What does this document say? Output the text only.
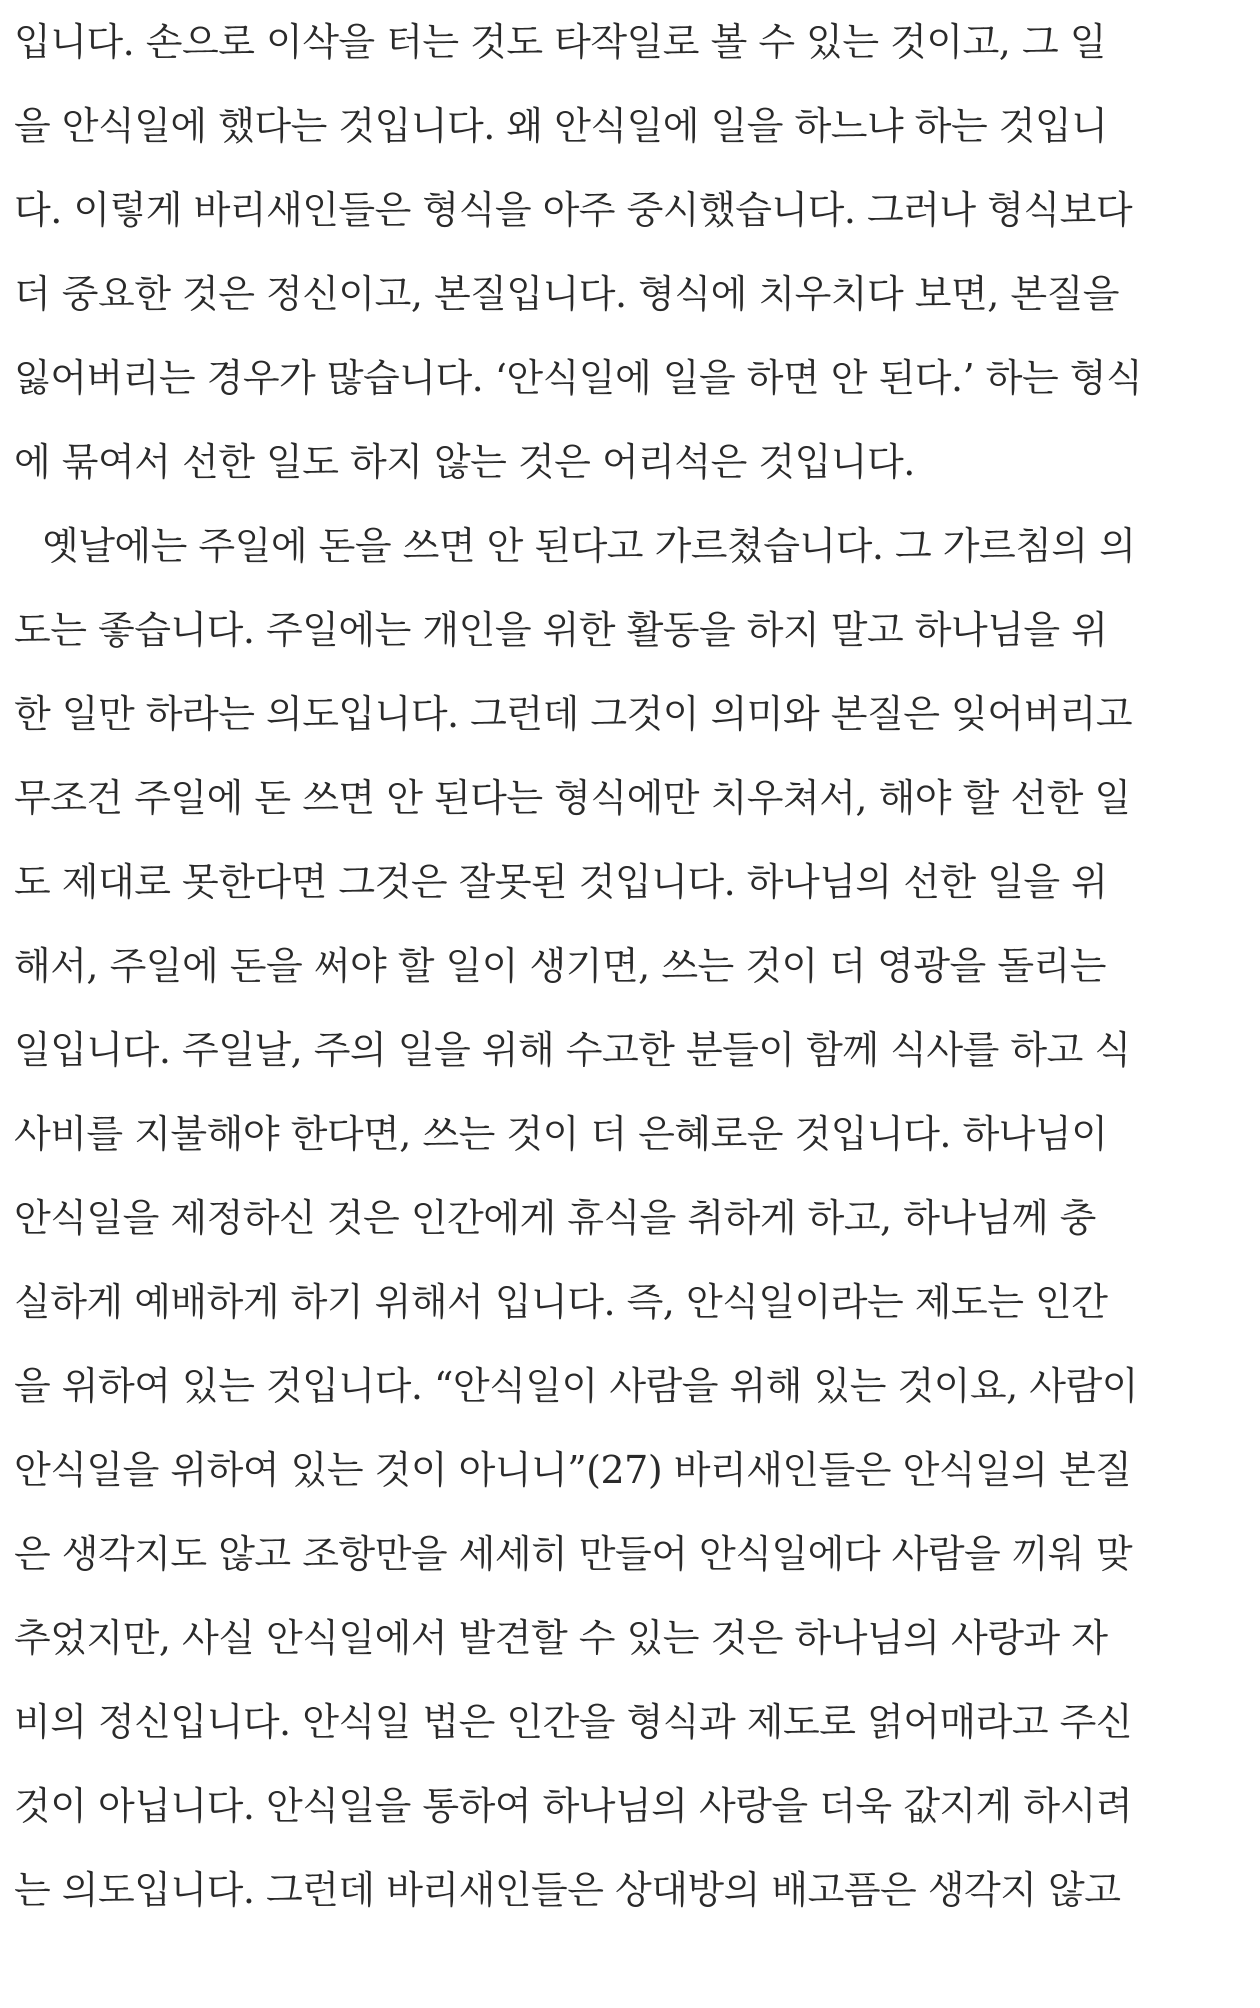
입니다. 손으로 이삭을 터는 것도 타작일로 볼 수 있는 것이고, 그 일

을 안식일에 했다는 것입니다. 왜 안식일에 일을 하느냐 하는 것입니

다. 이렇게 바리새인들은 형식을 아주 중시했습니다. 그러나 형식보다

더 중요한 것은 정신이고, 본질입니다. 형식에 치우치다 보면, 본질을

잃어버리는 경우가 많습니다. ‘안식일에 일을 하면 안 된다.’ 하는 형식

에 묶여서 선한 일도 하지 않는 것은 어리석은 것입니다.

옛날에는 주일에 돈을 쓰면 안 된다고 가르쳤습니다. 그 가르침의 의

도는 좋습니다. 주일에는 개인을 위한 활동을 하지 말고 하나님을 위

한 일만 하라는 의도입니다. 그런데 그것이 의미와 본질은 잊어버리고

무조건 주일에 돈 쓰면 안 된다는 형식에만 치우쳐서, 해야 할 선한 일

도 제대로 못한다면 그것은 잘못된 것입니다. 하나님의 선한 일을 위

해서, 주일에 돈을 써야 할 일이 생기면, 쓰는 것이 더 영광을 돌리는

일입니다. 주일날, 주의 일을 위해 수고한 분들이 함께 식사를 하고 식

사비를 지불해야 한다면, 쓰는 것이 더 은혜로운 것입니다. 하나님이

안식일을 제정하신 것은 인간에게 휴식을 취하게 하고, 하나님께 충

실하게 예배하게 하기 위해서 입니다. 즉, 안식일이라는 제도는 인간

을 위하여 있는 것입니다. “안식일이 사람을 위해 있는 것이요, 사람이

안식일을 위하여 있는 것이 아니니”(27) 바리새인들은 안식일의 본질

은 생각지도 않고 조항만을 세세히 만들어 안식일에다 사람을 끼워 맞

추었지만, 사실 안식일에서 발견할 수 있는 것은 하나님의 사랑과 자

비의 정신입니다. 안식일 법은 인간을 형식과 제도로 얽어매라고 주신

것이 아닙니다. 안식일을 통하여 하나님의 사랑을 더욱 값지게 하시려

는 의도입니다. 그런데 바리새인들은 상대방의 배고픔은 생각지 않고
